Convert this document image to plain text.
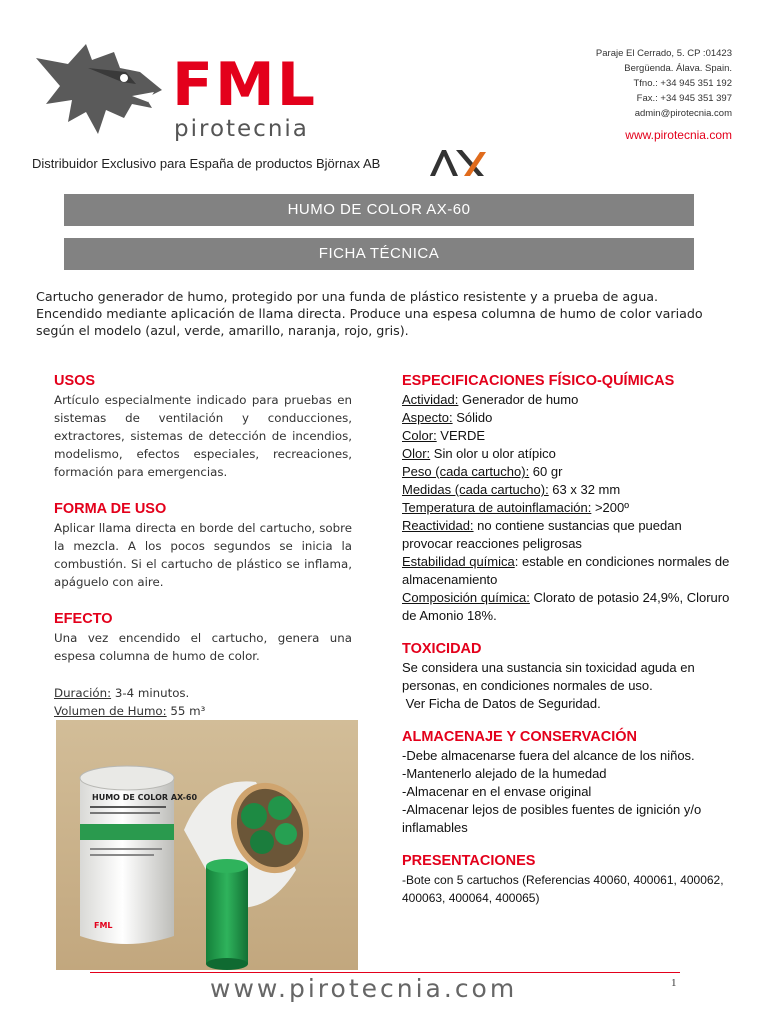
FML
pirotecnia
Paraje El Cerrado, 5. CP :01423
Bergüenda. Álava. Spain.
Tfno.: +34 945 351 192
Fax.: +34 945 351 397
admin@pirotecnia.com
www.pirotecnia.com
Distribuidor Exclusivo para España de productos Björnax AB
HUMO DE COLOR AX-60
FICHA TÉCNICA
Cartucho generador de humo, protegido por una funda de plástico resistente y a prueba de agua. Encendido mediante aplicación de llama directa. Produce una espesa columna de humo de color variado según el modelo (azul, verde, amarillo, naranja, rojo, gris).
USOS

Artículo especialmente indicado para pruebas en sistemas de ventilación y conducciones, extractores, sistemas de detección de incendios, modelismo, efectos especiales, recreaciones, formación para emergencias.

FORMA DE USO

Aplicar llama directa en borde del cartucho, sobre la mezcla. A los pocos segundos se inicia la combustión. Si el cartucho de plástico se inflama, apáguelo con aire.

EFECTO

Una vez encendido el cartucho, genera una espesa columna de humo de color.

Duración: 3-4 minutos.

Volumen de Humo: 55 m³

HUMO DE COLOR AX-60
FML
ESPECIFICACIONES FÍSICO-QUÍMICAS

Actividad: Generador de humo

Aspecto: Sólido

Color: VERDE

Olor: Sin olor u olor atípico

Peso (cada cartucho): 60 gr

Medidas (cada cartucho): 63 x 32 mm

Temperatura de autoinflamación: >200º

Reactividad: no contiene sustancias que puedan provocar reacciones peligrosas

Estabilidad química: estable en condiciones normales de almacenamiento

Composición química: Clorato de potasio 24,9%, Cloruro de Amonio 18%.

TOXICIDAD

Se considera una sustancia sin toxicidad aguda en personas, en condiciones normales de uso.

Ver Ficha de Datos de Seguridad.

ALMACENAJE Y CONSERVACIÓN

-Debe almacenarse fuera del alcance de los niños.

-Mantenerlo alejado de la humedad

-Almacenar en el envase original

-Almacenar lejos de posibles fuentes de ignición y/o inflamables

PRESENTACIONES

-Bote con 5 cartuchos (Referencias 40060, 400061, 400062, 400063, 400064, 400065)

www.pirotecnia.com	1
